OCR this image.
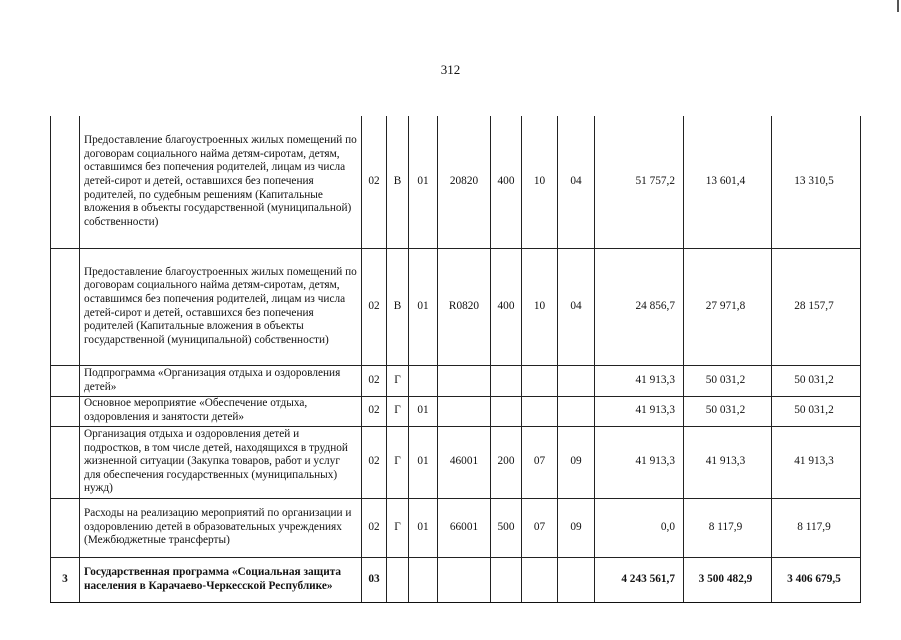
312
	Предоставление благоустроенных жилых помещений по договорам социального найма детям-сиротам, детям, оставшимся без попечения родителей, лицам из числа детей-сирот и детей, оставшихся без попечения родителей, по судебным решениям (Капитальные вложения в объекты государственной (муниципальной) собственности)	02	В	01	20820	400	10	04	51 757,2	13 601,4	13 310,5
	Предоставление благоустроенных жилых помещений по договорам социального найма детям-сиротам, детям, оставшимся без попечения родителей, лицам из числа детей-сирот и детей, оставшихся без попечения родителей (Капитальные вложения в объекты государственной (муниципальной) собственности)	02	В	01	R0820	400	10	04	24 856,7	27 971,8	28 157,7
	Подпрограмма «Организация отдыха и оздоровления детей»	02	Г						41 913,3	50 031,2	50 031,2
	Основное мероприятие «Обеспечение отдыха, оздоровления и занятости детей»	02	Г	01					41 913,3	50 031,2	50 031,2
	Организация отдыха и оздоровления детей и подростков, в том числе детей, находящихся в трудной жизненной ситуации (Закупка товаров, работ и услуг для обеспечения государственных (муниципальных) нужд)	02	Г	01	46001	200	07	09	41 913,3	41 913,3	41 913,3
	Расходы на реализацию мероприятий по организации и оздоровлению детей в образовательных учреждениях (Межбюджетные трансферты)	02	Г	01	66001	500	07	09	0,0	8 117,9	8 117,9
3	Государственная программа «Социальная защита населения в Карачаево-Черкесской Республике»	03							4 243 561,7	3 500 482,9	3 406 679,5
